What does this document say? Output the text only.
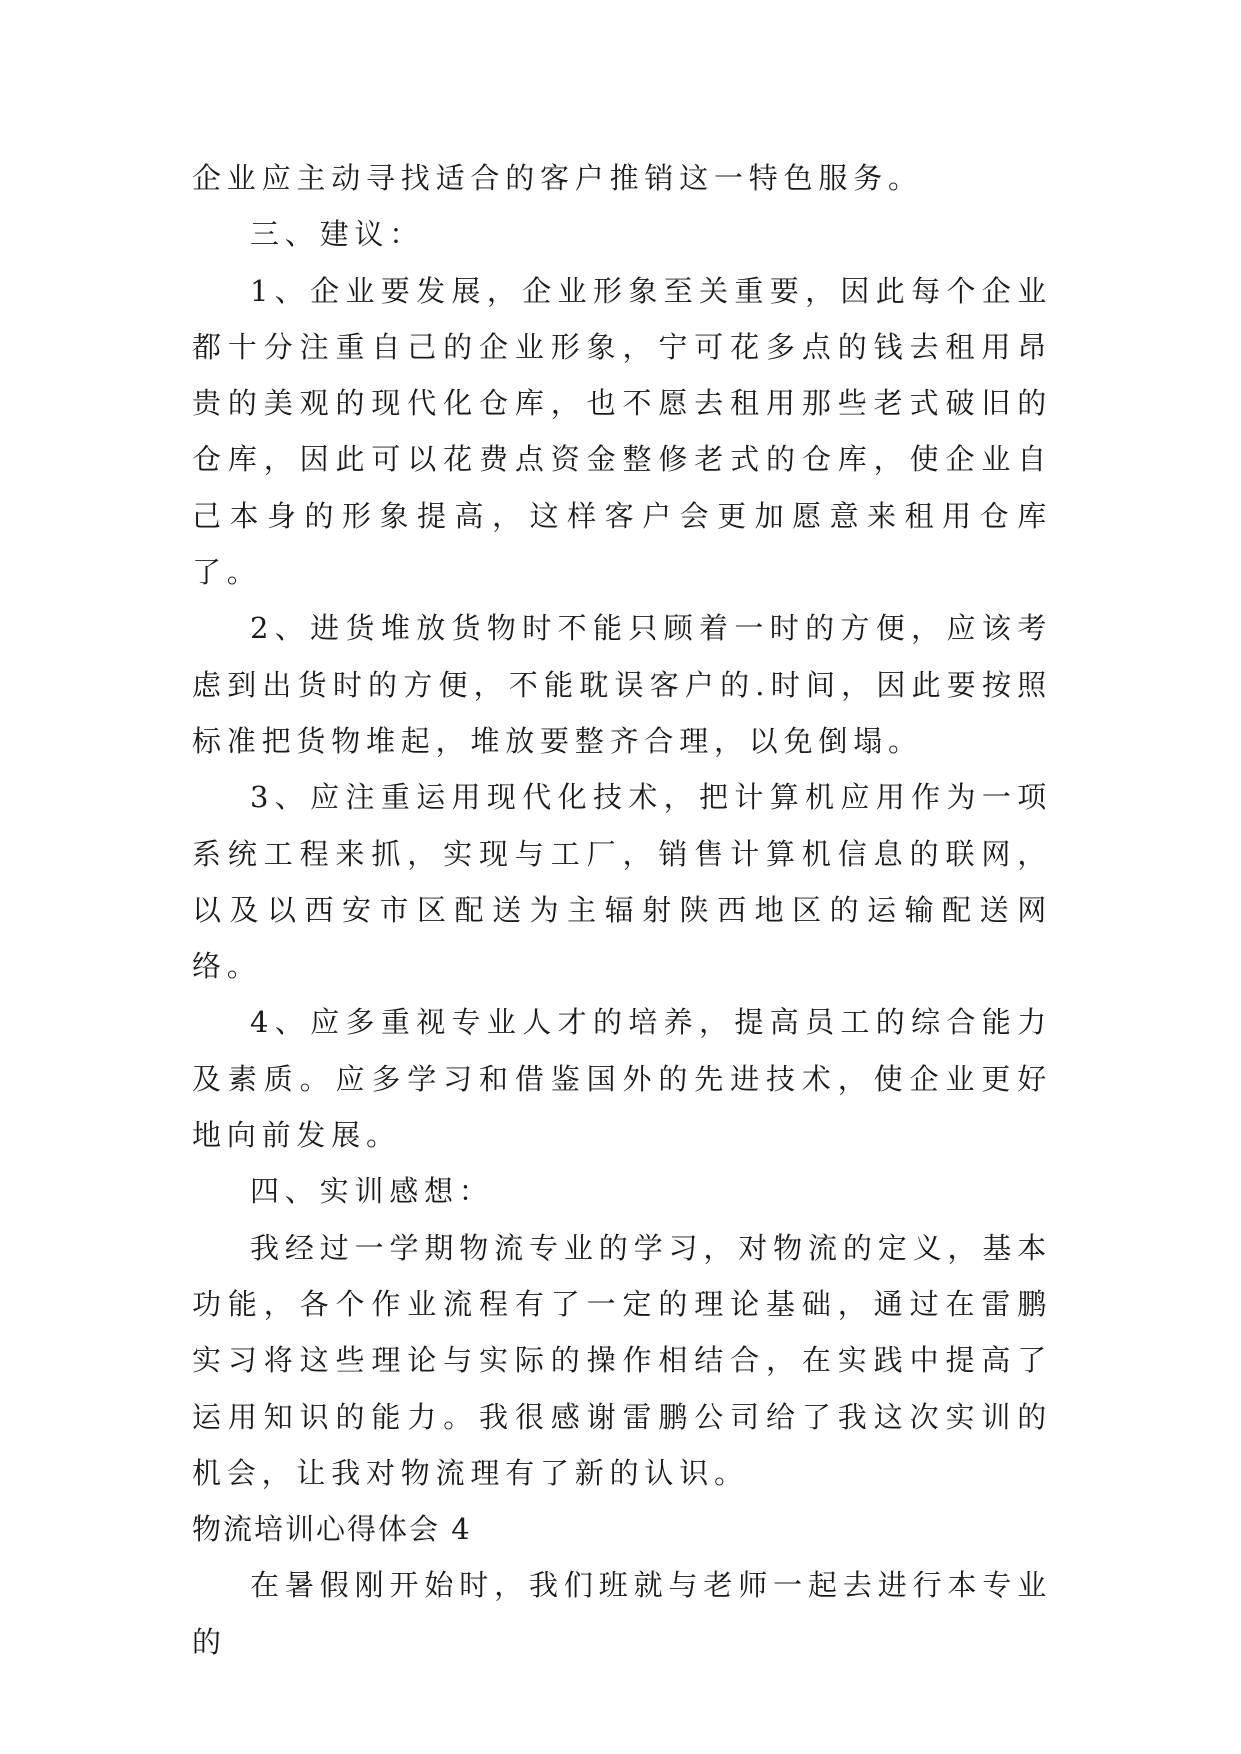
企业应主动寻找适合的客户推销这一特色服务。

三、建议：

1、企业要发展，企业形象至关重要，因此每个企业都十分注重自己的企业形象，宁可花多点的钱去租用昂贵的美观的现代化仓库，也不愿去租用那些老式破旧的仓库，因此可以花费点资金整修老式的仓库，使企业自己本身的形象提高，这样客户会更加愿意来租用仓库了。

2、进货堆放货物时不能只顾着一时的方便，应该考虑到出货时的方便，不能耽误客户的.时间，因此要按照标准把货物堆起，堆放要整齐合理，以免倒塌。

3、应注重运用现代化技术，把计算机应用作为一项系统工程来抓，实现与工厂，销售计算机信息的联网，以及以西安市区配送为主辐射陕西地区的运输配送网络。

4、应多重视专业人才的培养，提高员工的综合能力及素质。应多学习和借鉴国外的先进技术，使企业更好地向前发展。

四、实训感想：

我经过一学期物流专业的学习，对物流的定义，基本功能，各个作业流程有了一定的理论基础，通过在雷鹏实习将这些理论与实际的操作相结合，在实践中提高了运用知识的能力。我很感谢雷鹏公司给了我这次实训的机会，让我对物流理有了新的认识。

物流培训心得体会 4

在暑假刚开始时，我们班就与老师一起去进行本专业的
